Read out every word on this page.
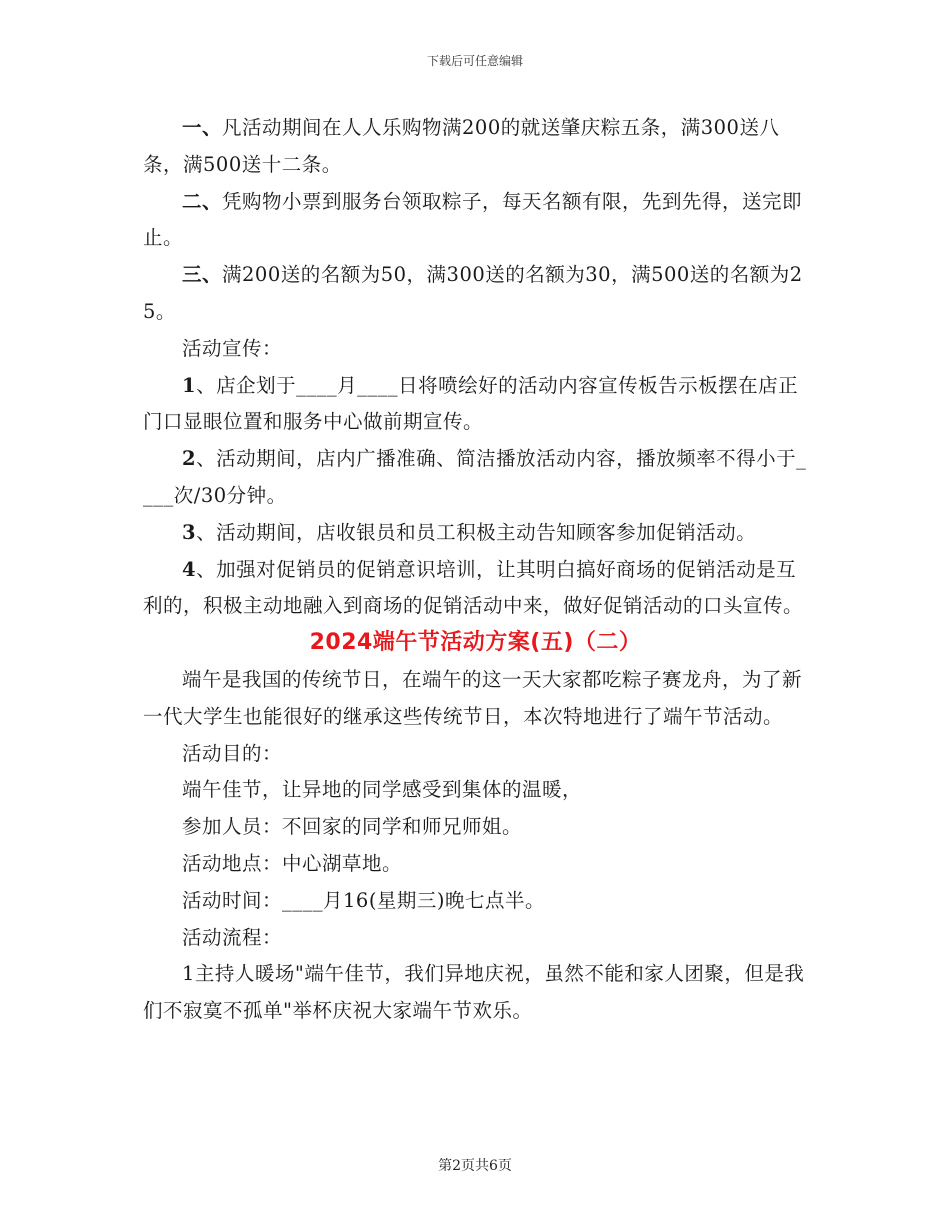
下载后可任意编辑

一、凡活动期间在人人乐购物满200的就送肇庆粽五条，满300送八条，满500送十二条。

二、凭购物小票到服务台领取粽子，每天名额有限，先到先得，送完即止。

三、满200送的名额为50，满300送的名额为30，满500送的名额为25。

活动宣传：

1、店企划于____月____日将喷绘好的活动内容宣传板告示板摆在店正门口显眼位置和服务中心做前期宣传。

2、活动期间，店内广播准确、简洁播放活动内容，播放频率不得小于____次/30分钟。

3、活动期间，店收银员和员工积极主动告知顾客参加促销活动。

4、加强对促销员的促销意识培训，让其明白搞好商场的促销活动是互利的，积极主动地融入到商场的促销活动中来，做好促销活动的口头宣传。

2024端午节活动方案(五)（二）

端午是我国的传统节日，在端午的这一天大家都吃粽子赛龙舟，为了新一代大学生也能很好的继承这些传统节日，本次特地进行了端午节活动。

活动目的：

端午佳节，让异地的同学感受到集体的温暖，

参加人员：不回家的同学和师兄师姐。

活动地点：中心湖草地。

活动时间：____月16(星期三)晚七点半。

活动流程：

1主持人暖场"端午佳节，我们异地庆祝，虽然不能和家人团聚，但是我们不寂寞不孤单"举杯庆祝大家端午节欢乐。

第2页共6页
